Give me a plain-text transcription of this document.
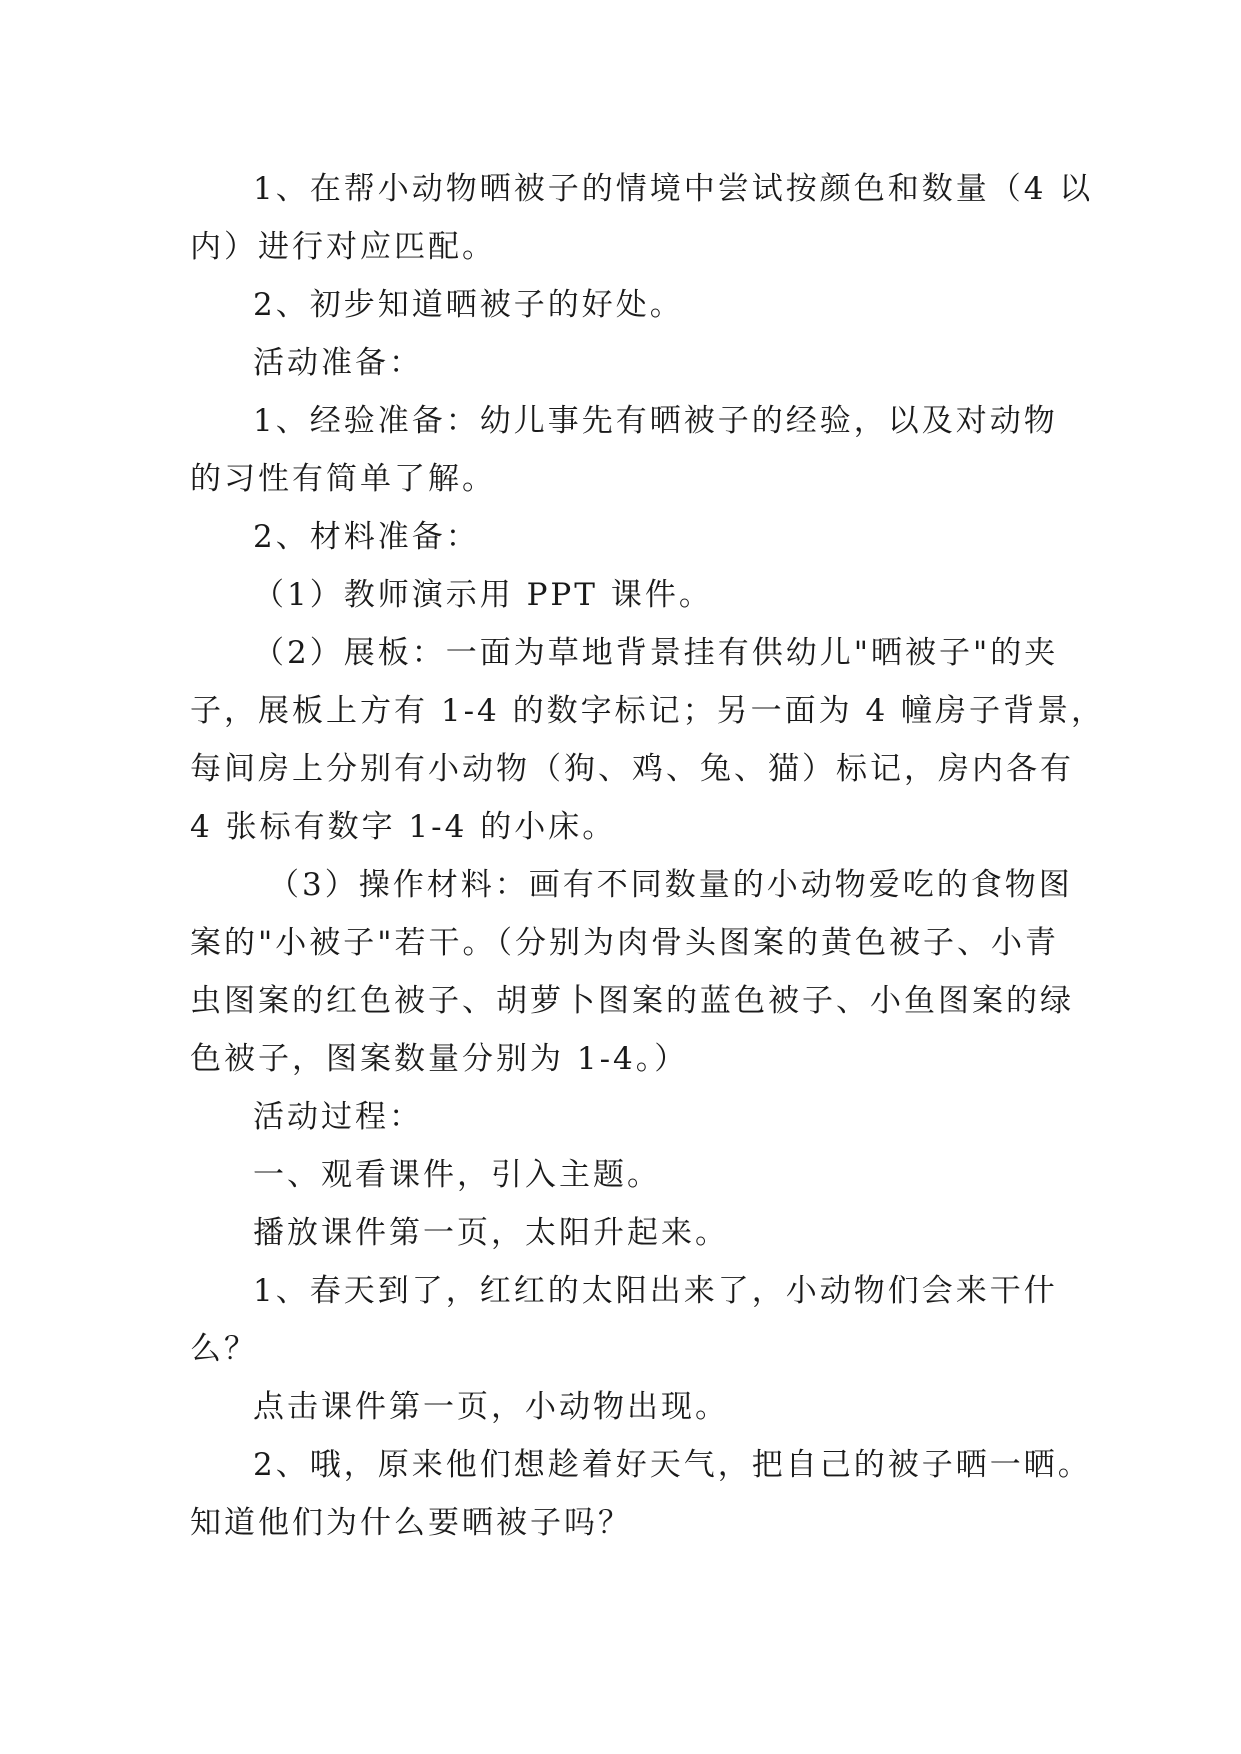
1、在帮小动物晒被子的情境中尝试按颜色和数量（4 以
内）进行对应匹配。
2、初步知道晒被子的好处。
活动准备：
1、经验准备：幼儿事先有晒被子的经验，以及对动物
的习性有简单了解。
2、材料准备：
（1）教师演示用 PPT 课件。
（2）展板：一面为草地背景挂有供幼儿"晒被子"的夹
子，展板上方有 1-4 的数字标记；另一面为 4 幢房子背景，
每间房上分别有小动物（狗、鸡、兔、猫）标记，房内各有
4 张标有数字 1-4 的小床。
（3）操作材料：画有不同数量的小动物爱吃的食物图
案的"小被子"若干。（分别为肉骨头图案的黄色被子、小青
虫图案的红色被子、胡萝卜图案的蓝色被子、小鱼图案的绿
色被子，图案数量分别为 1-4。）
活动过程：
一、观看课件，引入主题。
播放课件第一页，太阳升起来。
1、春天到了，红红的太阳出来了，小动物们会来干什
么？
点击课件第一页，小动物出现。
2、哦，原来他们想趁着好天气，把自己的被子晒一晒。
知道他们为什么要晒被子吗？
